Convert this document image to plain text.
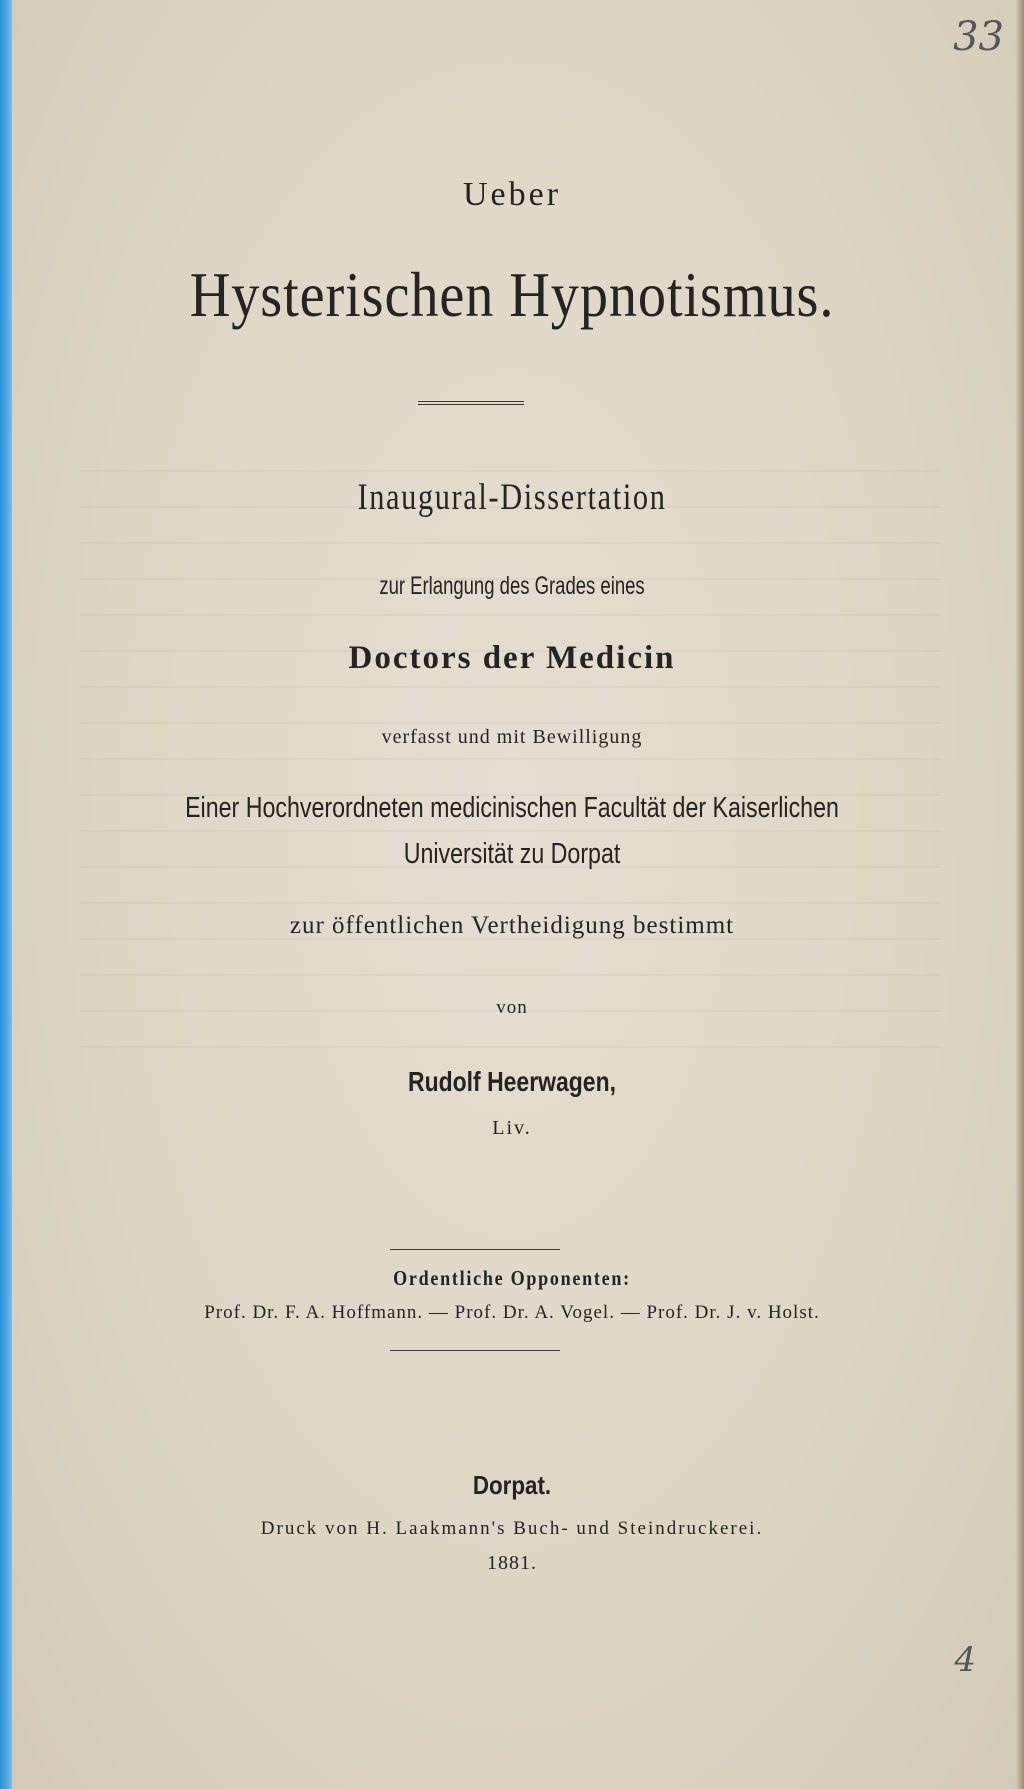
33
Ueber
Hysterischen Hypnotismus.
Inaugural-Dissertation
zur Erlangung des Grades eines
Doctors der Medicin
verfasst und mit Bewilligung
Einer Hochverordneten medicinischen Facultät der Kaiserlichen
Universität zu Dorpat
zur öffentlichen Vertheidigung bestimmt
von
Rudolf Heerwagen,
Liv.
Ordentliche Opponenten:
Prof. Dr. F. A. Hoffmann. — Prof. Dr. A. Vogel. — Prof. Dr. J. v. Holst.
Dorpat.
Druck von H. Laakmann's Buch- und Steindruckerei.
1881.
4
